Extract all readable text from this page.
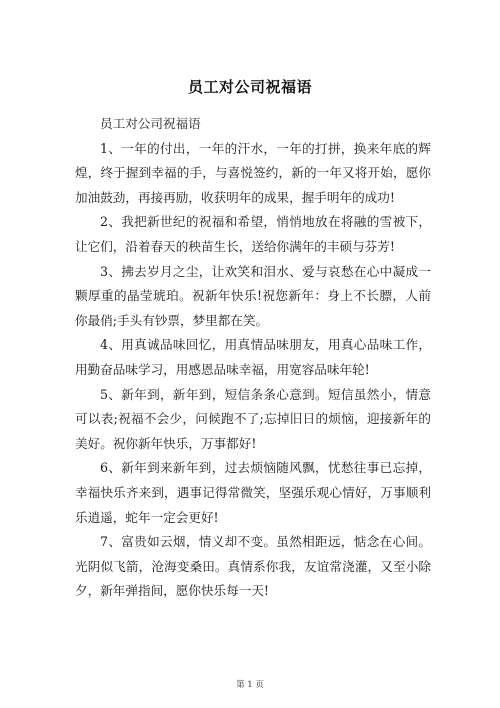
员工对公司祝福语

员工对公司祝福语

1、一年的付出，一年的汗水，一年的打拼，换来年底的辉煌，终于握到幸福的手，与喜悦签约，新的一年又将开始，愿你加油鼓劲，再接再励，收获明年的成果，握手明年的成功!

2、我把新世纪的祝福和希望，悄悄地放在将融的雪被下，让它们，沿着春天的秧苗生长，送给你满年的丰硕与芬芳!

3、拂去岁月之尘，让欢笑和泪水、爱与哀愁在心中凝成一颗厚重的晶莹琥珀。祝新年快乐!祝您新年：身上不长膘，人前你最俏;手头有钞票，梦里都在笑。

4、用真诚品味回忆，用真情品味朋友，用真心品味工作，用勤奋品味学习，用感恩品味幸福，用宽容品味年轮!

5、新年到，新年到，短信条条心意到。短信虽然小，情意可以表;祝福不会少，问候跑不了;忘掉旧日的烦恼，迎接新年的美好。祝你新年快乐，万事都好!

6、新年到来新年到，过去烦恼随风飘，忧愁往事已忘掉，幸福快乐齐来到，遇事记得常微笑，坚强乐观心情好，万事顺利乐逍遥，蛇年一定会更好!

7、富贵如云烟，情义却不变。虽然相距远，惦念在心间。光阴似飞箭，沧海变桑田。真情系你我，友谊常浇灌，又至小除夕，新年弹指间，愿你快乐每一天!

第 1 页
